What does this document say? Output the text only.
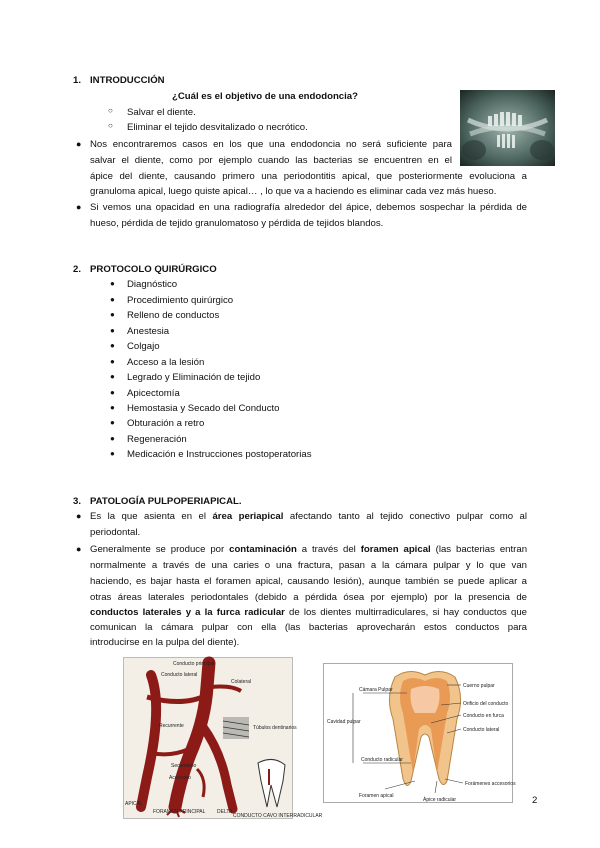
1. INTRODUCCIÓN
¿Cuál es el objetivo de una endodoncia?
○ Salvar el diente.
○ Eliminar el tejido desvitalizado o necrótico.
● Nos encontraremos casos en los que una endodoncia no será suficiente para
salvar el diente, como por ejemplo cuando las bacterias se encuentren en el
ápice del diente, causando primero una periodontitis apical, que posteriormente evoluciona a
granuloma apical, luego quiste apical… , lo que va a haciendo es eliminar cada vez más hueso.
● Si vemos una opacidad en una radiografía alrededor del ápice, debemos sospechar la pérdida de
hueso, pérdida de tejido granulomatoso y pérdida de tejidos blandos.
2. PROTOCOLO QUIRÚRGICO
● Diagnóstico
● Procedimiento quirúrgico
● Relleno de conductos
● Anestesia
● Colgajo
● Acceso a la lesión
● Legrado y Eliminación de tejido
● Apicectomía
● Hemostasia y Secado del Conducto
● Obturación a retro
● Regeneración
● Medicación e Instrucciones postoperatorias
3. PATOLOGÍA PULPOPERIAPICAL.
● Es la que asienta en el área periapical afectando tanto al tejido conectivo pulpar como al
periodontal.
● Generalmente se produce por contaminación a través del foramen apical (las bacterias entran
normalmente a través de una caries o una fractura, pasan a la cámara pulpar y lo que van
haciendo, es bajar hasta el foramen apical, causando lesión), aunque también se puede aplicar a
otras áreas laterales periodontales (debido a pérdida ósea por ejemplo) por la presencia de
conductos laterales y a la furca radicular de los dientes multirradiculares, si hay conductos que
comunican la cámara pulpar con ella (las bacterias aprovecharán estos conductos para
introducirse en la pulpa del diente).
Conducto principal
Conducto lateral
Colateral
Recurrente	Túbulos dentinarios
Secundario
Accesorio
APICAL
FORAMEN PRINCIPAL DELTA
CONDUCTO CAVO INTERRADICULAR
Cámara Pulpar
Cavidad pulpar
Conducto radicular
Foramen apical
Ápice radicular
Cuerno pulpar
Orificio del conducto
Conducto en furca
Conducto lateral
Forámenes accesorios
2
